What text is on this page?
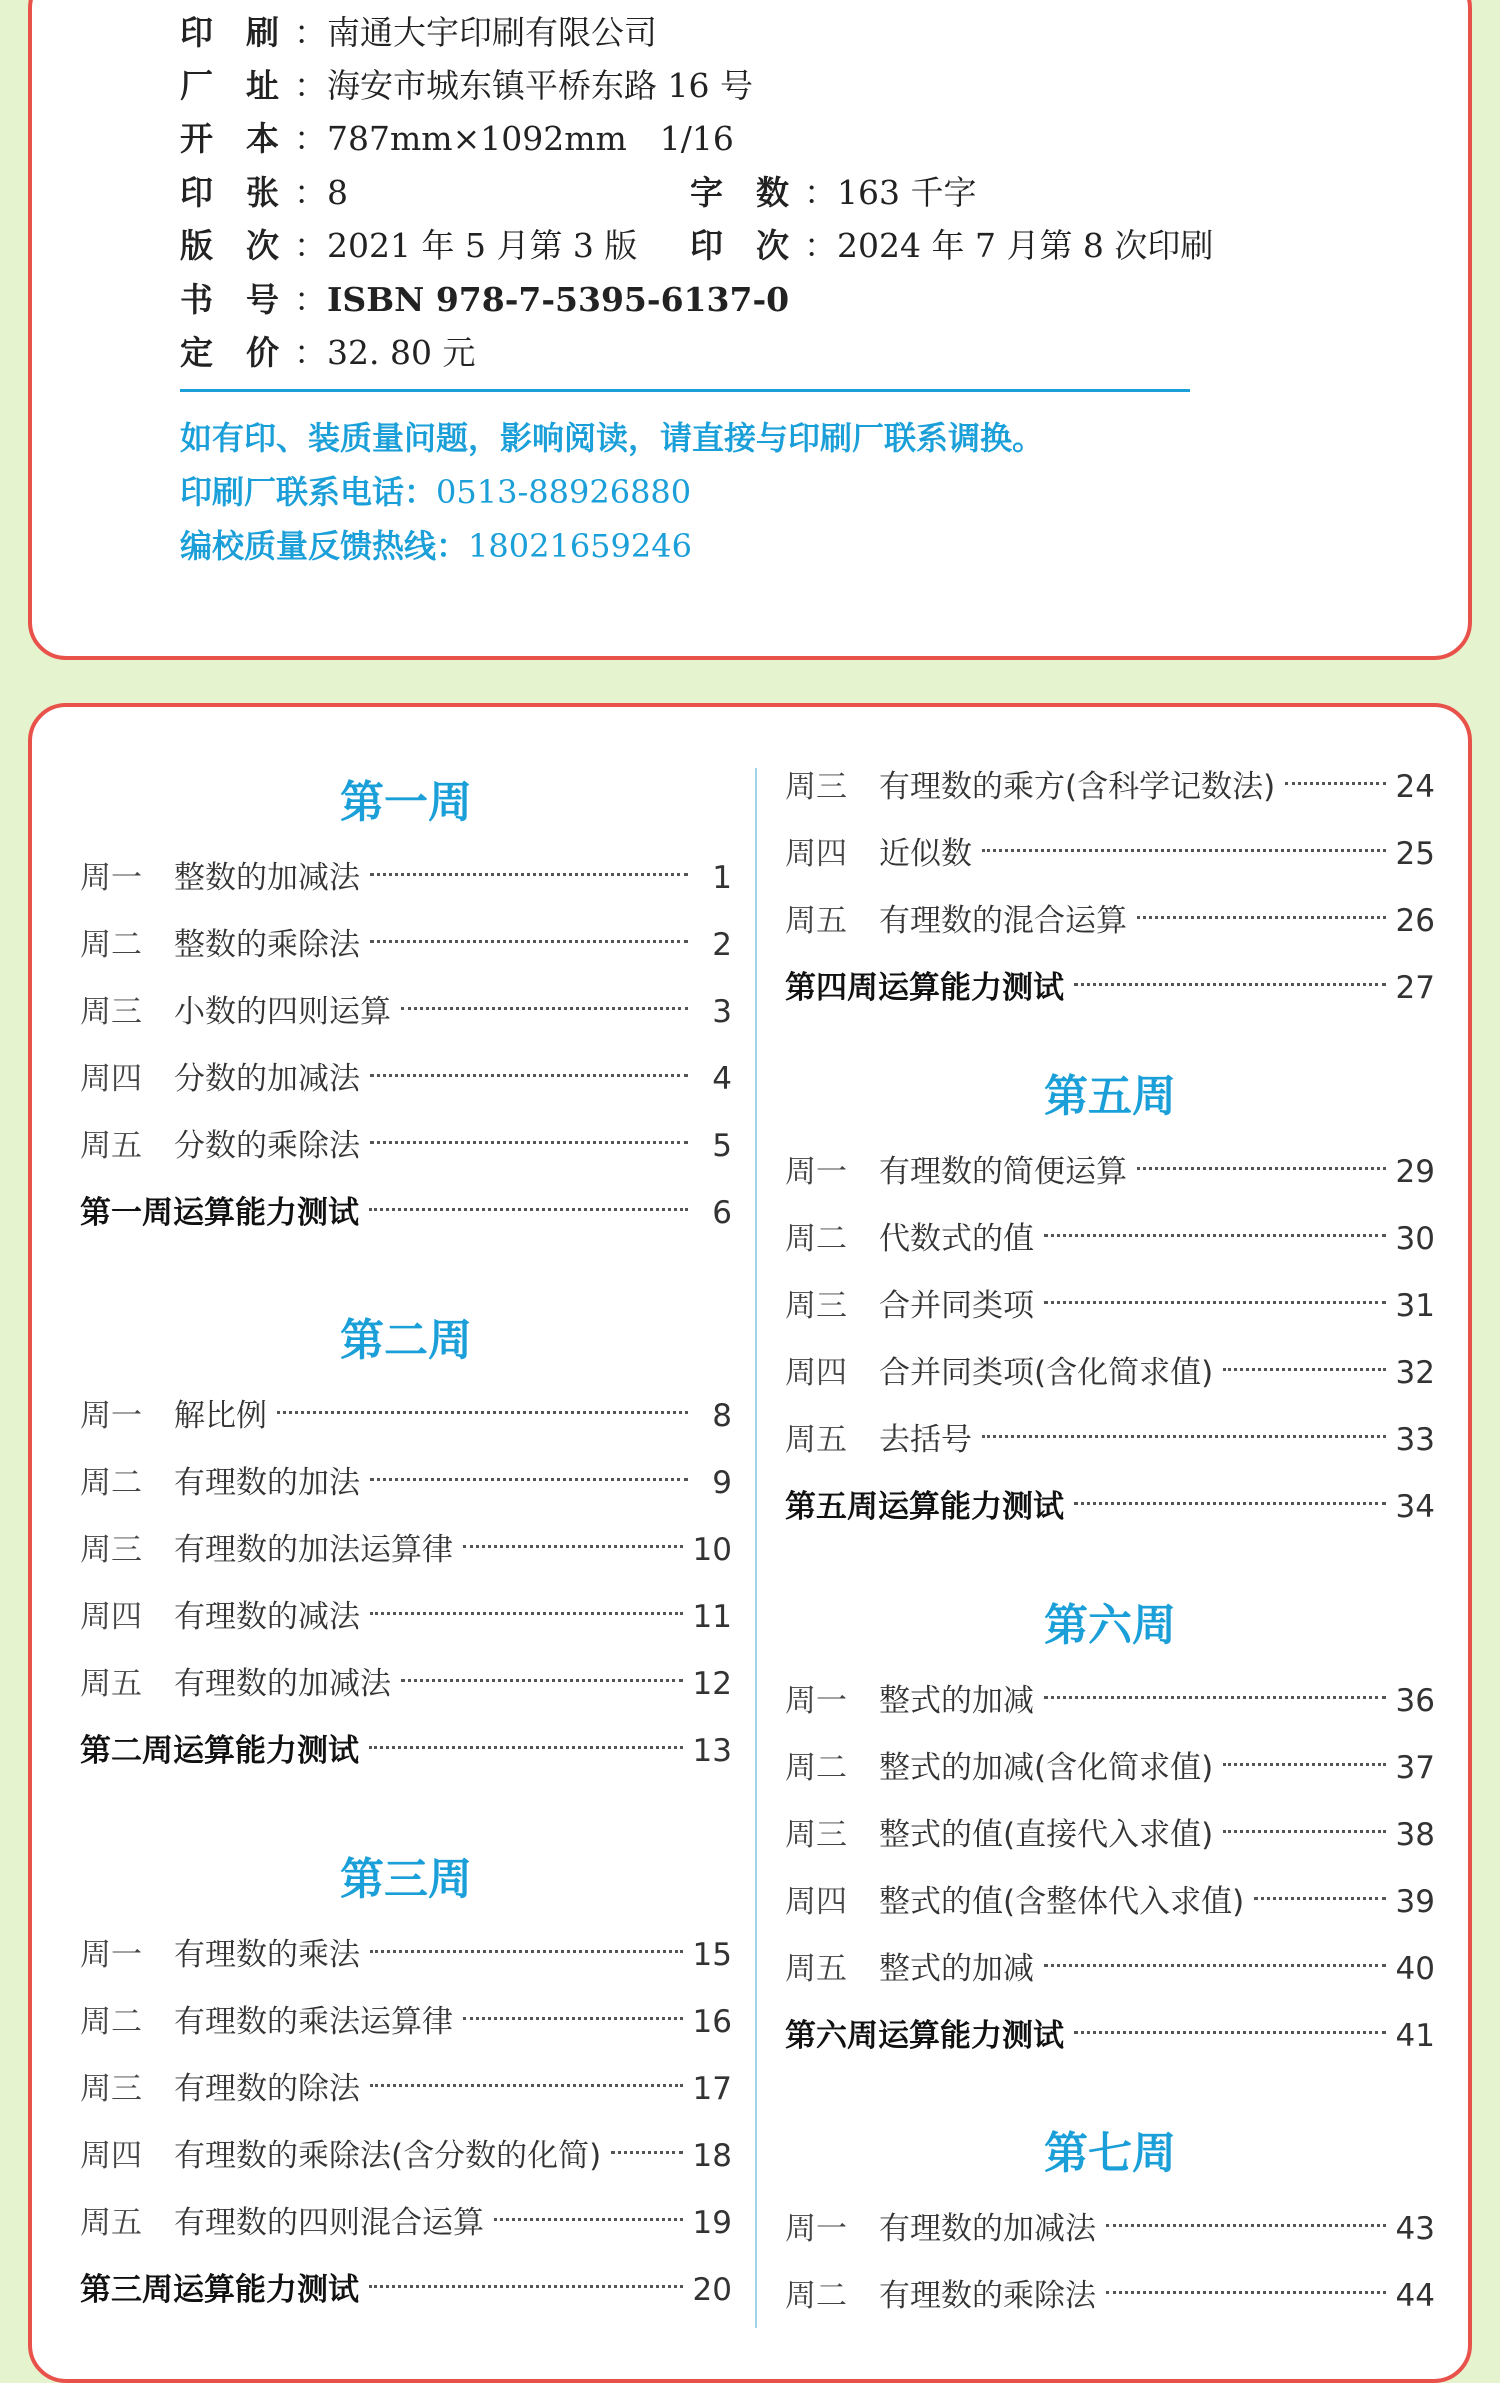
印　刷 ：南通大宇印刷有限公司
厂　址 ：海安市城东镇平桥东路 16 号
开　本 ：787mm×1092mm　1/16
印　张 ：8	字　数 ：163 千字
版　次 ：2021 年 5 月第 3 版 印　次 ：2024 年 7 月第 8 次印刷
书　号 ：ISBN 978-7-5395-6137-0
定　价 ：32. 80 元
如有印、装质量问题，影响阅读，请直接与印刷厂联系调换。
印刷厂联系电话：0513-88926880
编校质量反馈热线：18021659246
第一周
周一	整数的加减法	1
周二	整数的乘除法	2
周三	小数的四则运算	3
周四	分数的加减法	4
周五	分数的乘除法	5
第一周运算能力测试	6
第二周
周一	解比例	8
周二	有理数的加法	9
周三	有理数的加法运算律	10
周四	有理数的减法	11
周五	有理数的加减法	12
第二周运算能力测试	13
第三周
周一	有理数的乘法	15
周二	有理数的乘法运算律	16
周三	有理数的除法	17
周四	有理数的乘除法(含分数的化简)	18
周五	有理数的四则混合运算	19
第三周运算能力测试	20
周三	有理数的乘方(含科学记数法)	24
周四	近似数	25
周五	有理数的混合运算	26
第四周运算能力测试	27
第五周
周一	有理数的简便运算	29
周二	代数式的值	30
周三	合并同类项	31
周四	合并同类项(含化简求值)	32
周五	去括号	33
第五周运算能力测试	34
第六周
周一	整式的加减	36
周二	整式的加减(含化简求值)	37
周三	整式的值(直接代入求值)	38
周四	整式的值(含整体代入求值)	39
周五	整式的加减	40
第六周运算能力测试	41
第七周
周一	有理数的加减法	43
周二	有理数的乘除法	44
